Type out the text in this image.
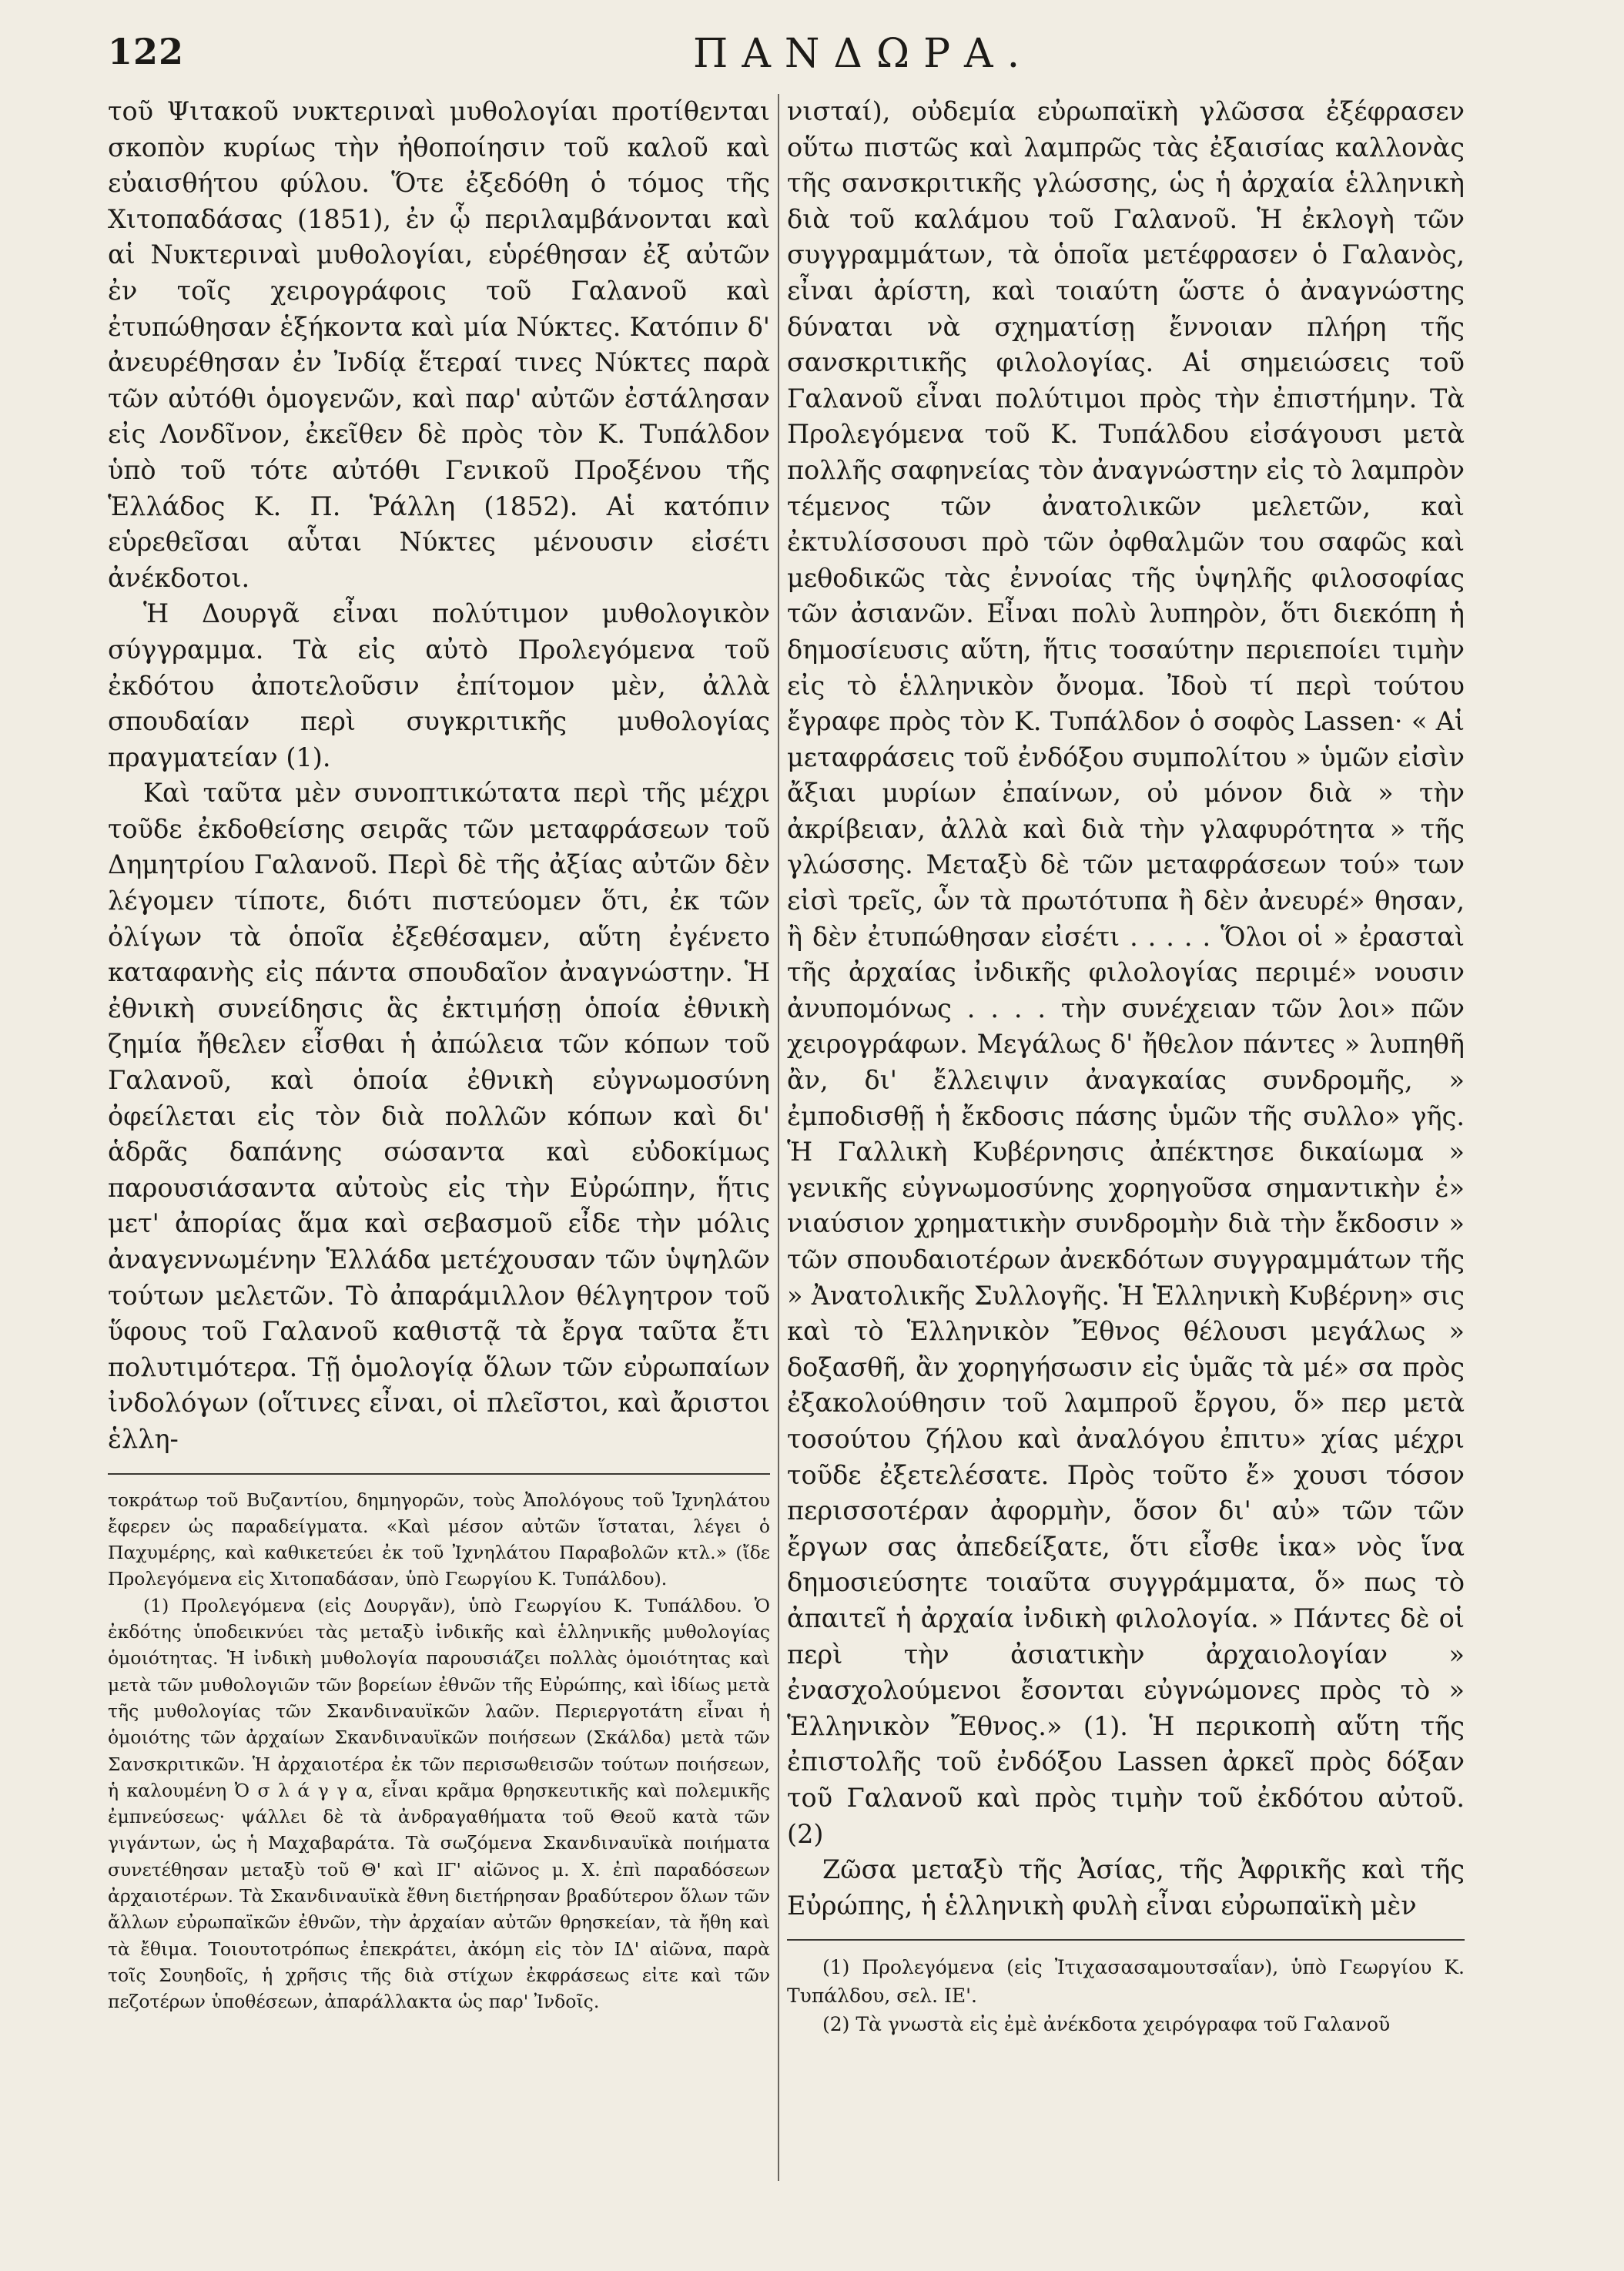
122	ΠΑΝΔΩΡΑ.

τοῦ Ψιτακοῦ νυκτεριναὶ μυθολογίαι προτίθενται σκοπὸν κυρίως τὴν ἠθοποίησιν τοῦ καλοῦ καὶ εὐαισθήτου φύλου. Ὅτε ἐξεδόθη ὁ τόμος τῆς Χιτοπαδάσας (1851), ἐν ᾧ περιλαμβάνονται καὶ αἱ Νυκτεριναὶ μυθολογίαι, εὑρέθησαν ἐξ αὐτῶν ἐν τοῖς χειρογράφοις τοῦ Γαλανοῦ καὶ ἐτυπώθησαν ἑξήκοντα καὶ μία Νύκτες. Κατόπιν δ' ἀνευρέθησαν ἐν Ἰνδίᾳ ἕτεραί τινες Νύκτες παρὰ τῶν αὐτόθι ὁμογενῶν, καὶ παρ' αὐτῶν ἐστάλησαν εἰς Λονδῖνον, ἐκεῖθεν δὲ πρὸς τὸν Κ. Τυπάλδον ὑπὸ τοῦ τότε αὐτόθι Γενικοῦ Προξένου τῆς Ἑλλάδος Κ. Π. Ῥάλλη (1852). Αἱ κατόπιν εὑρεθεῖσαι αὗται Νύκτες μένουσιν εἰσέτι ἀνέκδοτοι.

Ἡ Δουργᾶ εἶναι πολύτιμον μυθολογικὸν σύγγραμμα. Τὰ εἰς αὐτὸ Προλεγόμενα τοῦ ἐκδότου ἀποτελοῦσιν ἐπίτομον μὲν, ἀλλὰ σπουδαίαν περὶ συγκριτικῆς μυθολογίας πραγματείαν (1).

Καὶ ταῦτα μὲν συνοπτικώτατα περὶ τῆς μέχρι τοῦδε ἐκδοθείσης σειρᾶς τῶν μεταφράσεων τοῦ Δημητρίου Γαλανοῦ. Περὶ δὲ τῆς ἀξίας αὐτῶν δὲν λέγομεν τίποτε, διότι πιστεύομεν ὅτι, ἐκ τῶν ὀλίγων τὰ ὁποῖα ἐξεθέσαμεν, αὕτη ἐγένετο καταφανὴς εἰς πάντα σπουδαῖον ἀναγνώστην. Ἡ ἐθνικὴ συνείδησις ἃς ἐκτιμήσῃ ὁποία ἐθνικὴ ζημία ἤθελεν εἶσθαι ἡ ἀπώλεια τῶν κόπων τοῦ Γαλανοῦ, καὶ ὁποία ἐθνικὴ εὐγνωμοσύνη ὀφείλεται εἰς τὸν διὰ πολλῶν κόπων καὶ δι' ἁδρᾶς δαπάνης σώσαντα καὶ εὐδοκίμως παρουσιάσαντα αὐτοὺς εἰς τὴν Εὐρώπην, ἥτις μετ' ἀπορίας ἅμα καὶ σεβασμοῦ εἶδε τὴν μόλις ἀναγεννωμένην Ἑλλάδα μετέχουσαν τῶν ὑψηλῶν τούτων μελετῶν. Τὸ ἀπαράμιλλον θέλγητρον τοῦ ὕφους τοῦ Γαλανοῦ καθιστᾷ τὰ ἔργα ταῦτα ἔτι πολυτιμότερα. Τῇ ὁμολογίᾳ ὅλων τῶν εὐρωπαίων ἰνδολόγων (οἵτινες εἶναι, οἱ πλεῖστοι, καὶ ἄριστοι ἑλλη-

τοκράτωρ τοῦ Βυζαντίου, δημηγορῶν, τοὺς Ἀπολόγους τοῦ Ἰχνηλάτου ἔφερεν ὡς παραδείγματα. «Καὶ μέσον αὐτῶν ἵσταται, λέγει ὁ Παχυμέρης, καὶ καθικετεύει ἐκ τοῦ Ἰχνηλάτου Παραβολῶν κτλ.» (ἴδε Προλεγόμενα εἰς Χιτοπαδάσαν, ὑπὸ Γεωργίου Κ. Τυπάλδου).

(1) Προλεγόμενα (εἰς Δουργᾶν), ὑπὸ Γεωργίου Κ. Τυπάλδου. Ὁ ἐκδότης ὑποδεικνύει τὰς μεταξὺ ἰνδικῆς καὶ ἑλληνικῆς μυθολογίας ὁμοιότητας. Ἡ ἰνδικὴ μυθολογία παρουσιάζει πολλὰς ὁμοιότητας καὶ μετὰ τῶν μυθολογιῶν τῶν βορείων ἐθνῶν τῆς Εὐρώπης, καὶ ἰδίως μετὰ τῆς μυθολογίας τῶν Σκανδιναυϊκῶν λαῶν. Περιεργοτάτη εἶναι ἡ ὁμοιότης τῶν ἀρχαίων Σκανδιναυϊκῶν ποιήσεων (Σκάλδα) μετὰ τῶν Σανσκριτικῶν. Ἡ ἀρχαιοτέρα ἐκ τῶν περισωθεισῶν τούτων ποιήσεων, ἡ καλουμένη Ὀ σ λ ά γ γ α, εἶναι κρᾶμα θρησκευτικῆς καὶ πολεμικῆς ἐμπνεύσεως· ψάλλει δὲ τὰ ἀνδραγαθήματα τοῦ Θεοῦ κατὰ τῶν γιγάντων, ὡς ἡ Μαχαβαράτα. Τὰ σωζόμενα Σκανδιναυϊκὰ ποιήματα συνετέθησαν μεταξὺ τοῦ Θ' καὶ ΙΓ' αἰῶνος μ. Χ. ἐπὶ παραδόσεων ἀρχαιοτέρων. Τὰ Σκανδιναυϊκὰ ἔθνη διετήρησαν βραδύτερον ὅλων τῶν ἄλλων εὐρωπαϊκῶν ἐθνῶν, τὴν ἀρχαίαν αὐτῶν θρησκείαν, τὰ ἤθη καὶ τὰ ἔθιμα. Τοιουτοτρόπως ἐπεκράτει, ἀκόμη εἰς τὸν ΙΔ' αἰῶνα, παρὰ τοῖς Σουηδοῖς, ἡ χρῆσις τῆς διὰ στίχων ἐκφράσεως εἰτε καὶ τῶν πεζοτέρων ὑποθέσεων, ἀπαράλλακτα ὡς παρ' Ἰνδοῖς.

νισταί), οὐδεμία εὐρωπαϊκὴ γλῶσσα ἐξέφρασεν οὕτω πιστῶς καὶ λαμπρῶς τὰς ἐξαισίας καλλονὰς τῆς σανσκριτικῆς γλώσσης, ὡς ἡ ἀρχαία ἑλληνικὴ διὰ τοῦ καλάμου τοῦ Γαλανοῦ. Ἡ ἐκλογὴ τῶν συγγραμμάτων, τὰ ὁποῖα μετέφρασεν ὁ Γαλανὸς, εἶναι ἀρίστη, καὶ τοιαύτη ὥστε ὁ ἀναγνώστης δύναται νὰ σχηματίσῃ ἔννοιαν πλήρη τῆς σανσκριτικῆς φιλολογίας. Αἱ σημειώσεις τοῦ Γαλανοῦ εἶναι πολύτιμοι πρὸς τὴν ἐπιστήμην. Τὰ Προλεγόμενα τοῦ Κ. Τυπάλδου εἰσάγουσι μετὰ πολλῆς σαφηνείας τὸν ἀναγνώστην εἰς τὸ λαμπρὸν τέμενος τῶν ἀνατολικῶν μελετῶν, καὶ ἐκτυλίσσουσι πρὸ τῶν ὀφθαλμῶν του σαφῶς καὶ μεθοδικῶς τὰς ἐννοίας τῆς ὑψηλῆς φιλοσοφίας τῶν ἀσιανῶν. Εἶναι πολὺ λυπηρὸν, ὅτι διεκόπη ἡ δημοσίευσις αὕτη, ἥτις τοσαύτην περιεποίει τιμὴν εἰς τὸ ἑλληνικὸν ὄνομα. Ἰδοὺ τί περὶ τούτου ἔγραφε πρὸς τὸν Κ. Τυπάλδον ὁ σοφὸς Lassen· « Αἱ μεταφράσεις τοῦ ἐνδόξου συμπολίτου » ὑμῶν εἰσὶν ἄξιαι μυρίων ἐπαίνων, οὐ μόνον διὰ » τὴν ἀκρίβειαν, ἀλλὰ καὶ διὰ τὴν γλαφυρότητα » τῆς γλώσσης. Μεταξὺ δὲ τῶν μεταφράσεων τού» των εἰσὶ τρεῖς, ὧν τὰ πρωτότυπα ἢ δὲν ἀνευρέ» θησαν, ἢ δὲν ἐτυπώθησαν εἰσέτι . . . . . Ὅλοι οἱ » ἐρασταὶ τῆς ἀρχαίας ἰνδικῆς φιλολογίας περιμέ» νουσιν ἀνυπομόνως . . . . τὴν συνέχειαν τῶν λοι» πῶν χειρογράφων. Μεγάλως δ' ἤθελον πάντες » λυπηθῆ ἂν, δι' ἔλλειψιν ἀναγκαίας συνδρομῆς, » ἐμποδισθῇ ἡ ἔκδοσις πάσης ὑμῶν τῆς συλλο» γῆς. Ἡ Γαλλικὴ Κυβέρνησις ἀπέκτησε δικαίωμα » γενικῆς εὐγνωμοσύνης χορηγοῦσα σημαντικὴν ἐ» νιαύσιον χρηματικὴν συνδρομὴν διὰ τὴν ἔκδοσιν » τῶν σπουδαιοτέρων ἀνεκδότων συγγραμμάτων τῆς » Ἀνατολικῆς Συλλογῆς. Ἡ Ἑλληνικὴ Κυβέρνη» σις καὶ τὸ Ἑλληνικὸν Ἔθνος θέλουσι μεγάλως » δοξασθῆ, ἂν χορηγήσωσιν εἰς ὑμᾶς τὰ μέ» σα πρὸς ἐξακολούθησιν τοῦ λαμπροῦ ἔργου, ὅ» περ μετὰ τοσούτου ζήλου καὶ ἀναλόγου ἐπιτυ» χίας μέχρι τοῦδε ἐξετελέσατε. Πρὸς τοῦτο ἔ» χουσι τόσον περισσοτέραν ἀφορμὴν, ὅσον δι' αὐ» τῶν τῶν ἔργων σας ἀπεδείξατε, ὅτι εἶσθε ἱκα» νὸς ἵνα δημοσιεύσητε τοιαῦτα συγγράμματα, ὅ» πως τὸ ἀπαιτεῖ ἡ ἀρχαία ἰνδικὴ φιλολογία. » Πάντες δὲ οἱ περὶ τὴν ἀσιατικὴν ἀρχαιολογίαν » ἐνασχολούμενοι ἔσονται εὐγνώμονες πρὸς τὸ » Ἑλληνικὸν Ἔθνος.» (1). Ἡ περικοπὴ αὕτη τῆς ἐπιστολῆς τοῦ ἐνδόξου Lassen ἀρκεῖ πρὸς δόξαν τοῦ Γαλανοῦ καὶ πρὸς τιμὴν τοῦ ἐκδότου αὐτοῦ. (2)

Ζῶσα μεταξὺ τῆς Ἀσίας, τῆς Ἀφρικῆς καὶ τῆς Εὐρώπης, ἡ ἑλληνικὴ φυλὴ εἶναι εὐρωπαϊκὴ μὲν

(1) Προλεγόμενα (εἰς Ἰτιχασασαμουτσαΐαν), ὑπὸ Γεωργίου Κ. Τυπάλδου, σελ. ΙΕ'.

(2) Τὰ γνωστὰ εἰς ἐμὲ ἀνέκδοτα χειρόγραφα τοῦ Γαλανοῦ
